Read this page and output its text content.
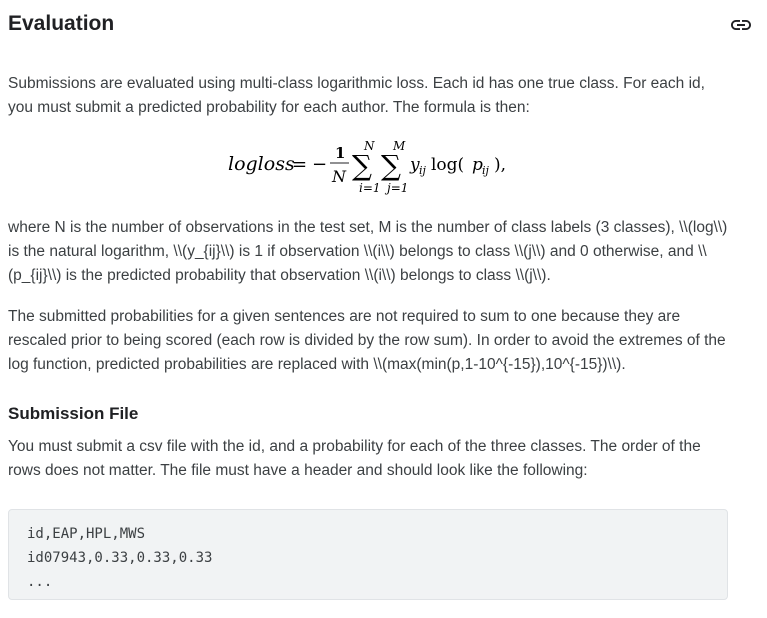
Evaluation

Submissions are evaluated using multi-class logarithmic loss. Each id has one true class. For each id, you must submit a predicted probability for each author. The formula is then:

logloss
= −
1
N
N
∑
i=1
M
∑
j=1
y ij log( p ij ),

where N is the number of observations in the test set, M is the number of class labels (3 classes), \\(log\\) is the natural logarithm, \\(y_{ij}\\) is 1 if observation \\(i\\) belongs to class \\(j\\) and 0 otherwise, and \\(p_{ij}\\) is the predicted probability that observation \\(i\\) belongs to class \\(j\\).

The submitted probabilities for a given sentences are not required to sum to one because they are rescaled prior to being scored (each row is divided by the row sum). In order to avoid the extremes of the log function, predicted probabilities are replaced with \\(max(min(p,1-10^{-15}),10^{-15})\\).

Submission File

You must submit a csv file with the id, and a probability for each of the three classes. The order of the rows does not matter. The file must have a header and should look like the following:

id,EAP,HPL,MWS
id07943,0.33,0.33,0.33
...
